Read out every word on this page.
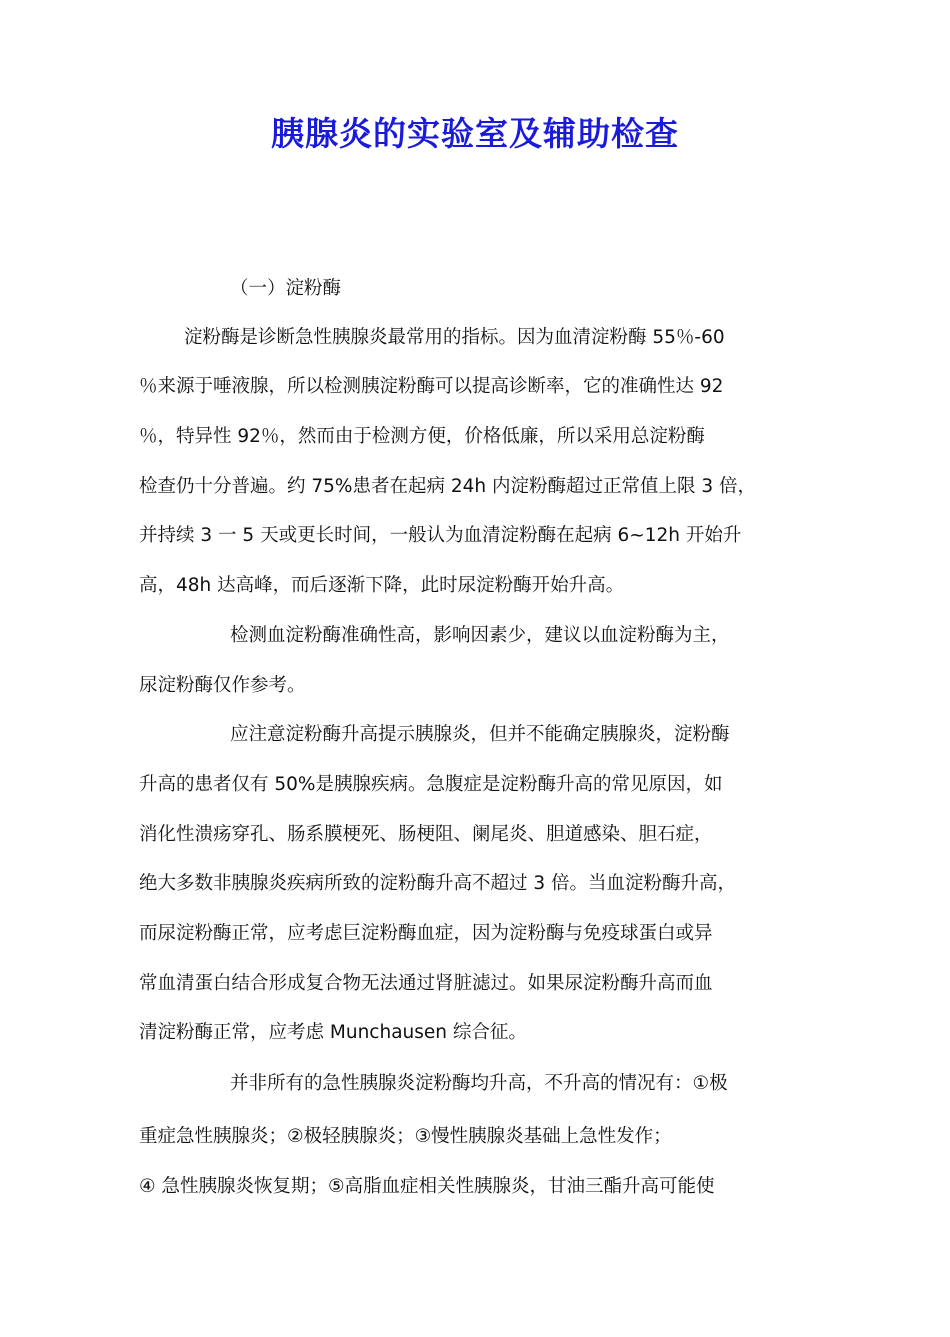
胰腺炎的实验室及辅助检查
（一）淀粉酶
淀粉酶是诊断急性胰腺炎最常用的指标。因为血清淀粉酶 55％-60
％来源于唾液腺，所以检测胰淀粉酶可以提高诊断率，它的准确性达 92
％，特异性 92％，然而由于检测方便，价格低廉，所以采用总淀粉酶
检查仍十分普遍。约 75%患者在起病 24h 内淀粉酶超过正常值上限 3 倍，
并持续 3 一 5 天或更长时间，一般认为血清淀粉酶在起病 6~12h 开始升
高，48h 达高峰，而后逐渐下降，此时尿淀粉酶开始升高。
检测血淀粉酶准确性高，影响因素少，建议以血淀粉酶为主，
尿淀粉酶仅作参考。
应注意淀粉酶升高提示胰腺炎，但并不能确定胰腺炎，淀粉酶
升高的患者仅有 50%是胰腺疾病。急腹症是淀粉酶升高的常见原因，如
消化性溃疡穿孔、肠系膜梗死、肠梗阻、阑尾炎、胆道感染、胆石症，
绝大多数非胰腺炎疾病所致的淀粉酶升高不超过 3 倍。当血淀粉酶升高，
而尿淀粉酶正常，应考虑巨淀粉酶血症，因为淀粉酶与免疫球蛋白或异
常血清蛋白结合形成复合物无法通过肾脏滤过。如果尿淀粉酶升高而血
清淀粉酶正常，应考虑 Munchausen 综合征。
并非所有的急性胰腺炎淀粉酶均升高，不升高的情况有：①极
重症急性胰腺炎；②极轻胰腺炎；③慢性胰腺炎基础上急性发作；
④ 急性胰腺炎恢复期；⑤高脂血症相关性胰腺炎，甘油三酯升高可能使
